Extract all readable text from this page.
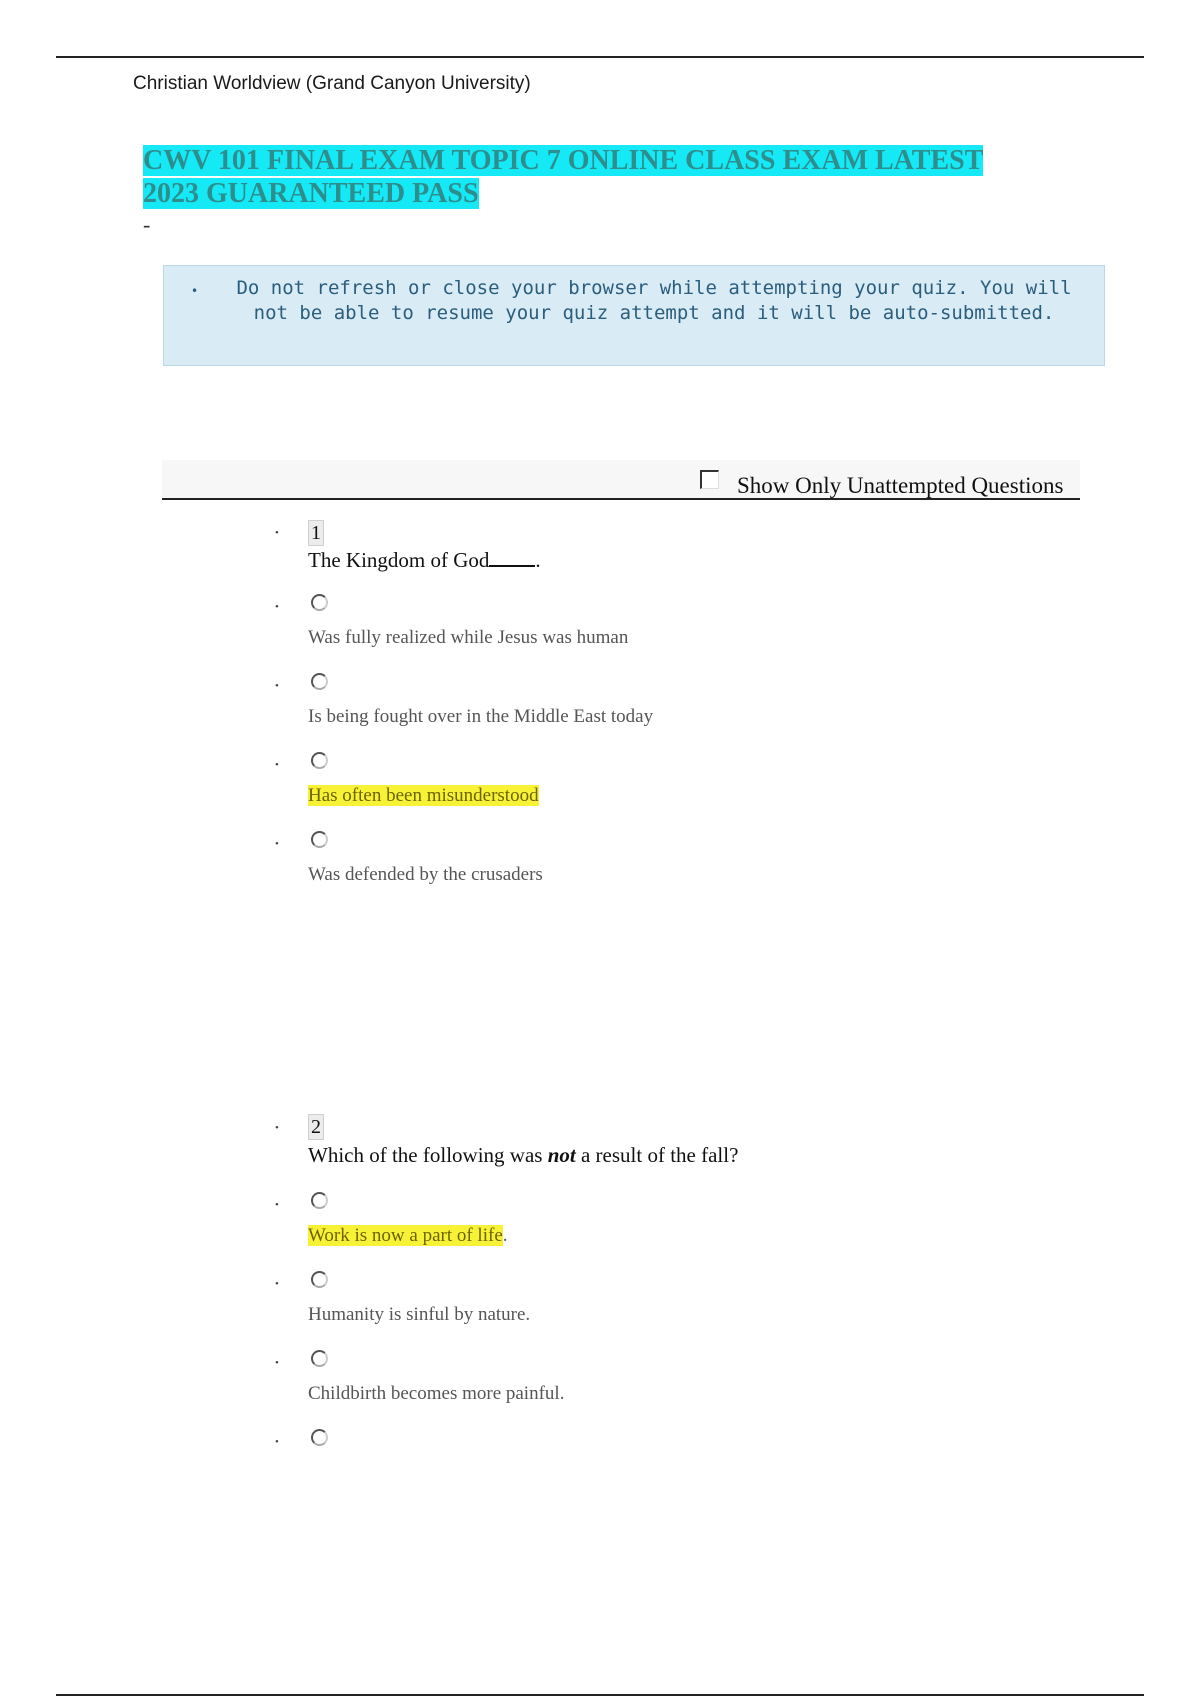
Christian Worldview (Grand Canyon University)
CWV 101 FINAL EXAM TOPIC 7 ONLINE CLASS EXAM LATEST 2023 GUARANTEED PASS
-
•	Do not refresh or close your browser while attempting your quiz. You will not be able to resume your quiz attempt and it will be auto-submitted.
Show Only Unattempted Questions
• 1
The Kingdom of God .
•
Was fully realized while Jesus was human
•
Is being fought over in the Middle East today
•
Has often been misunderstood
•
Was defended by the crusaders
• 2
Which of the following was not a result of the fall?
•
Work is now a part of life.
•
Humanity is sinful by nature.
•
Childbirth becomes more painful.
•
